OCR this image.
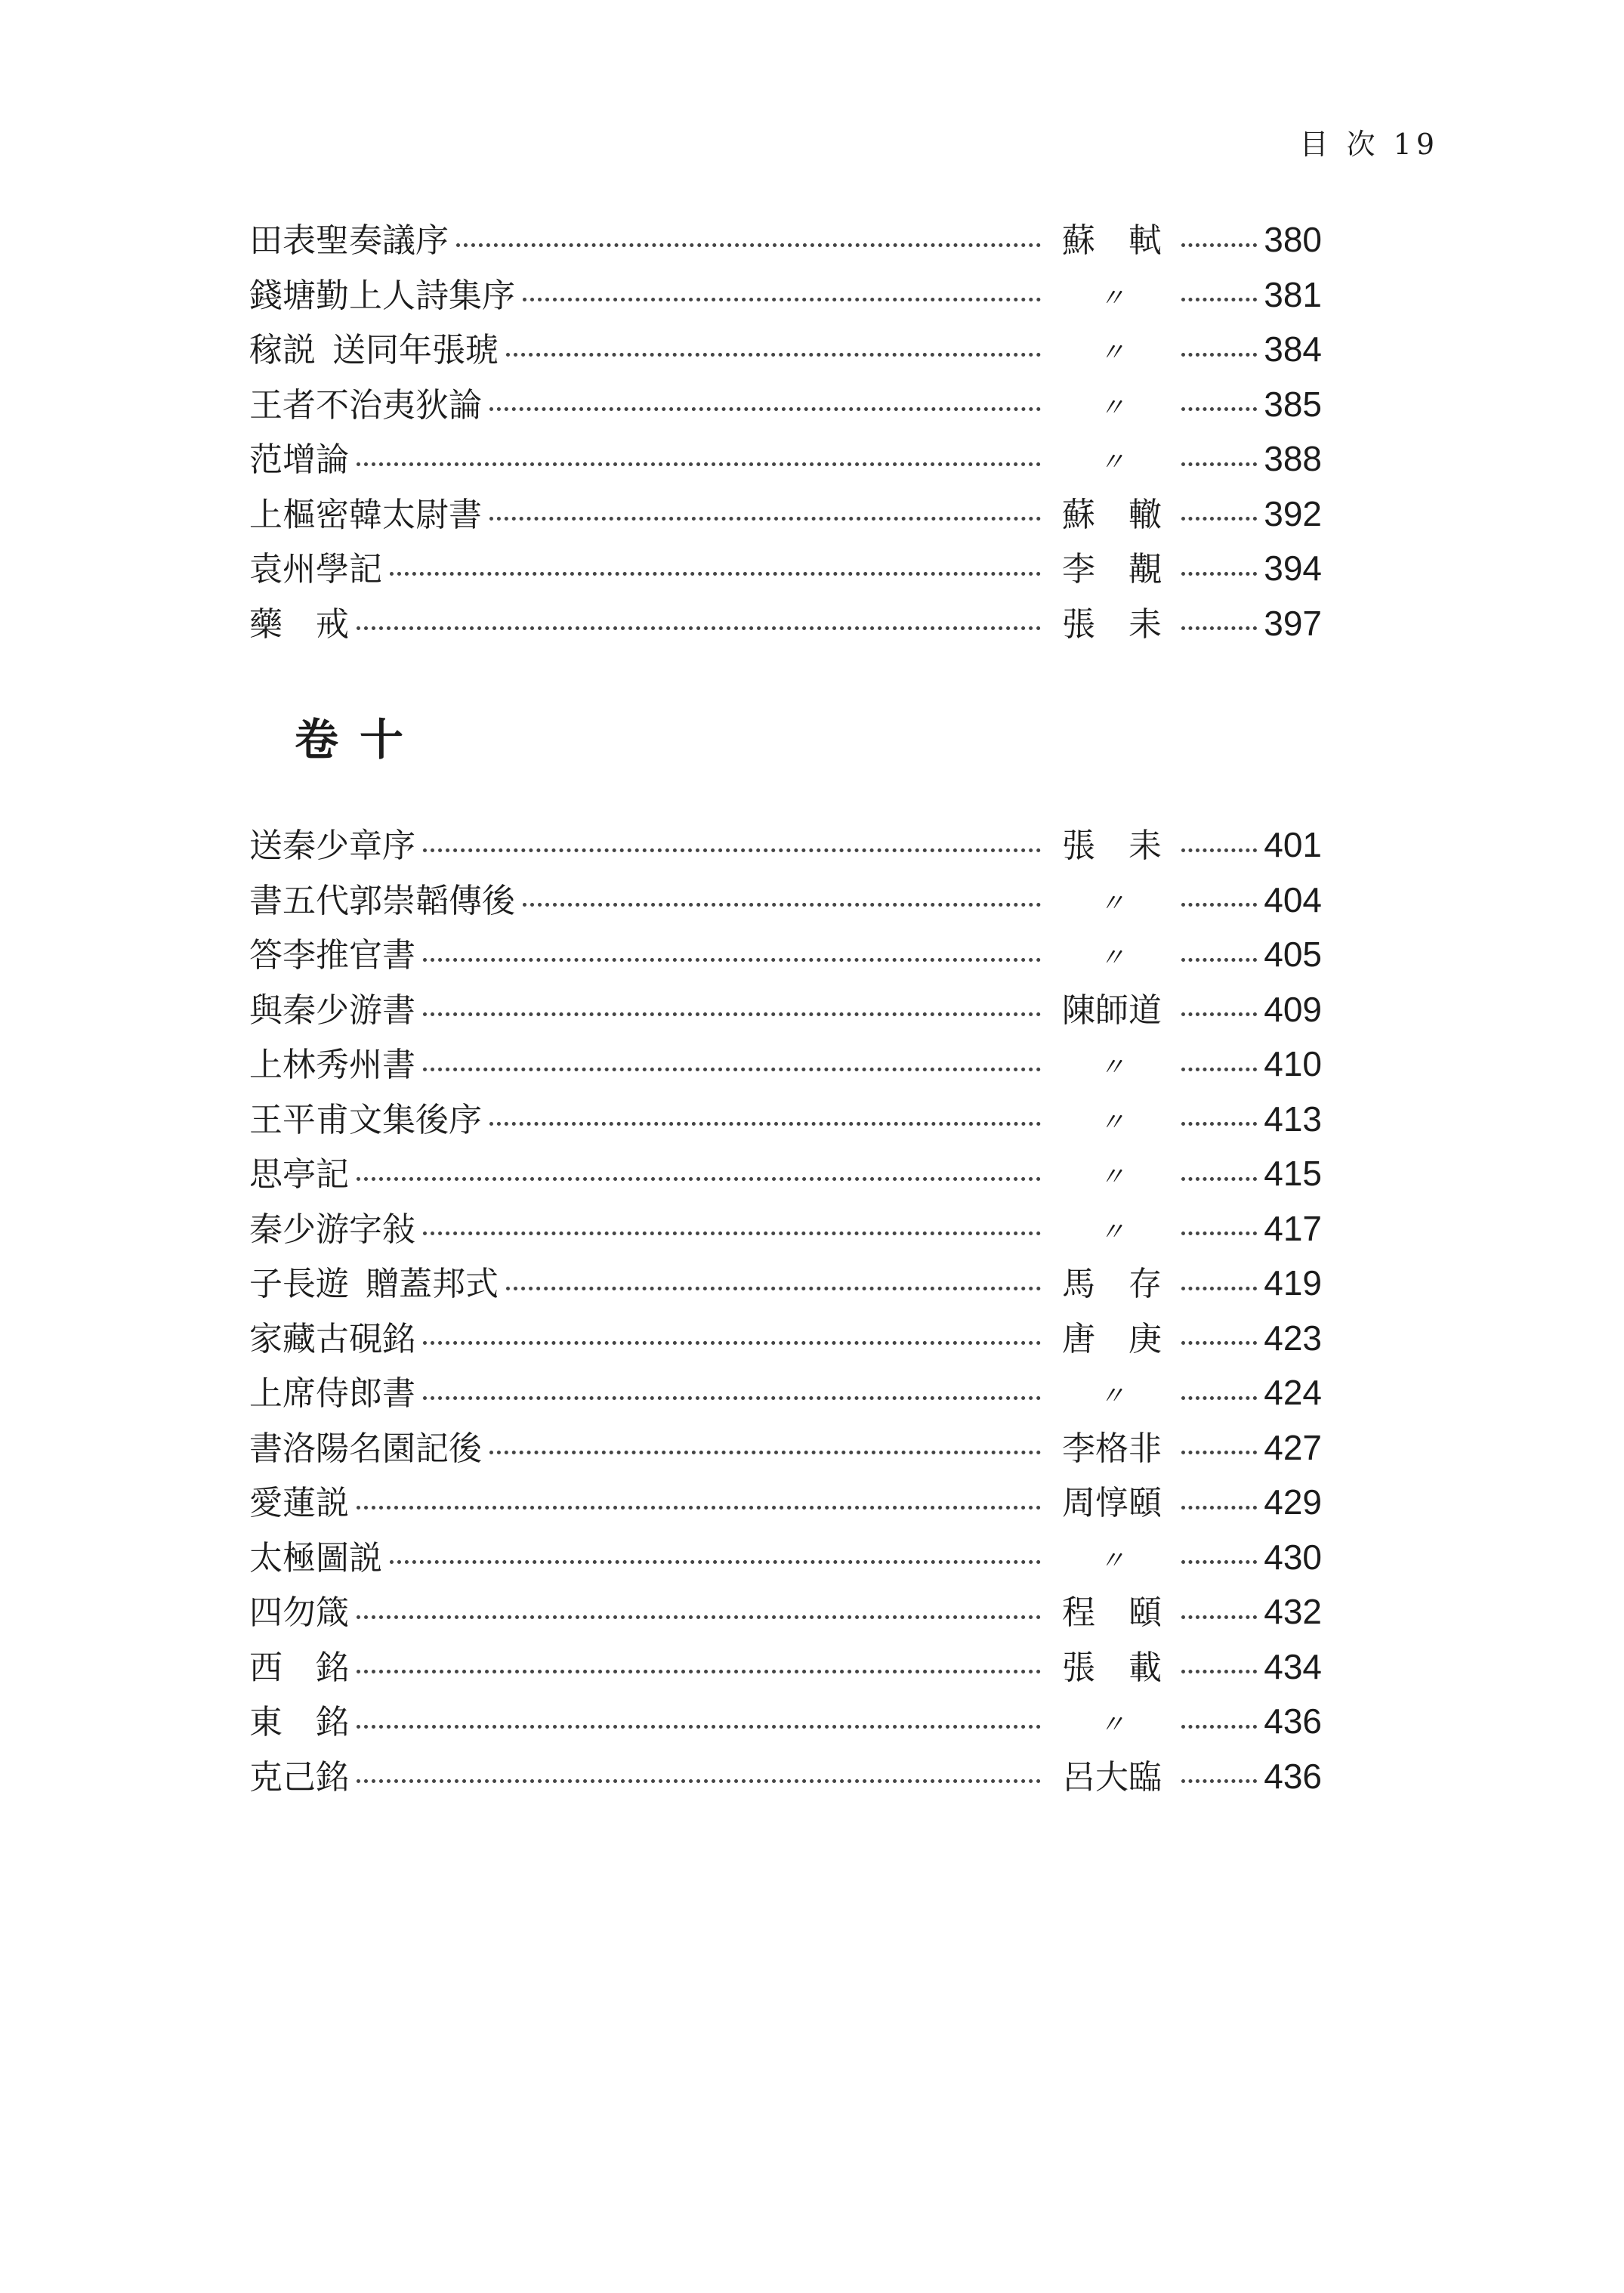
目 次 19
田表聖奏議序	蘇　軾	380
錢塘勤上人詩集序	〃	381
稼説 送同年張琥	〃	384
王者不治夷狄論	〃	385
范增論	〃	388
上樞密韓太尉書	蘇　轍	392
袁州學記	李　覯	394
藥　戒	張　耒	397
卷十
送秦少章序	張　耒	401
書五代郭崇韜傳後	〃	404
答李推官書	〃	405
與秦少游書	陳師道	409
上林秀州書	〃	410
王平甫文集後序	〃	413
思亭記	〃	415
秦少游字敍	〃	417
子長遊 贈蓋邦式	馬　存	419
家藏古硯銘	唐　庚	423
上席侍郎書	〃	424
書洛陽名園記後	李格非	427
愛蓮説	周惇頤	429
太極圖説	〃	430
四勿箴	程　頤	432
西　銘	張　載	434
東　銘	〃	436
克己銘	呂大臨	436
